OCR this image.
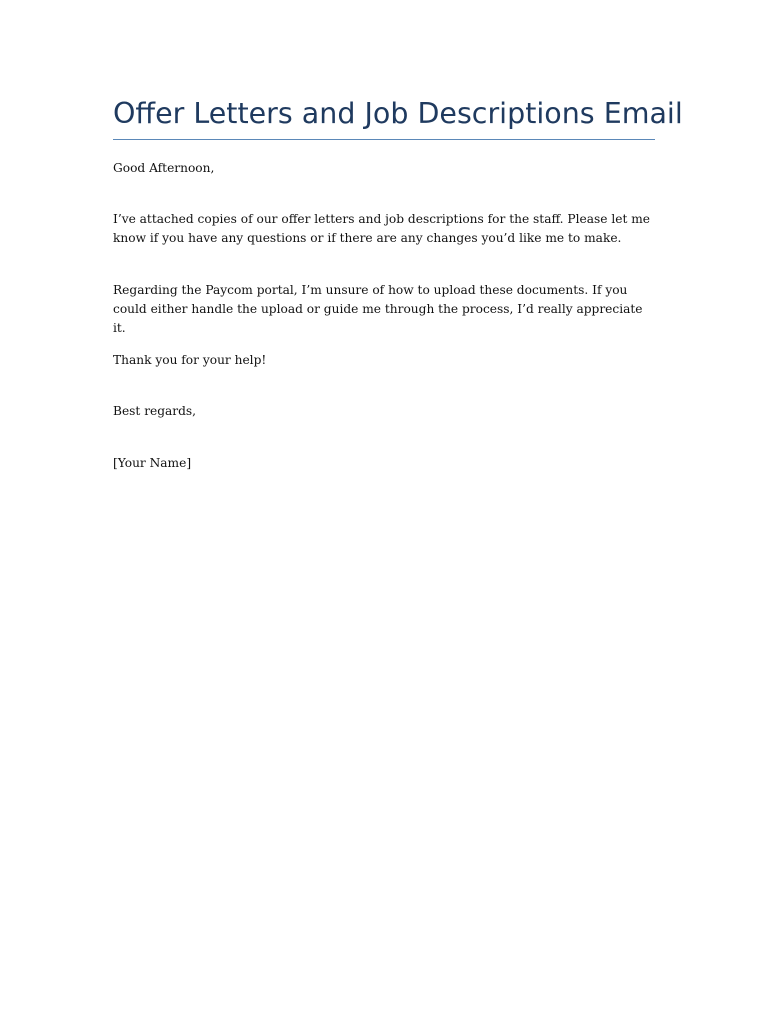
Offer Letters and Job Descriptions Email

Good Afternoon,

I’ve attached copies of our offer letters and job descriptions for the staff. Please let me know if you have any questions or if there are any changes you’d like me to make.

Regarding the Paycom portal, I’m unsure of how to upload these documents. If you could either handle the upload or guide me through the process, I’d really appreciate it.

Thank you for your help!

Best regards,

[Your Name]
